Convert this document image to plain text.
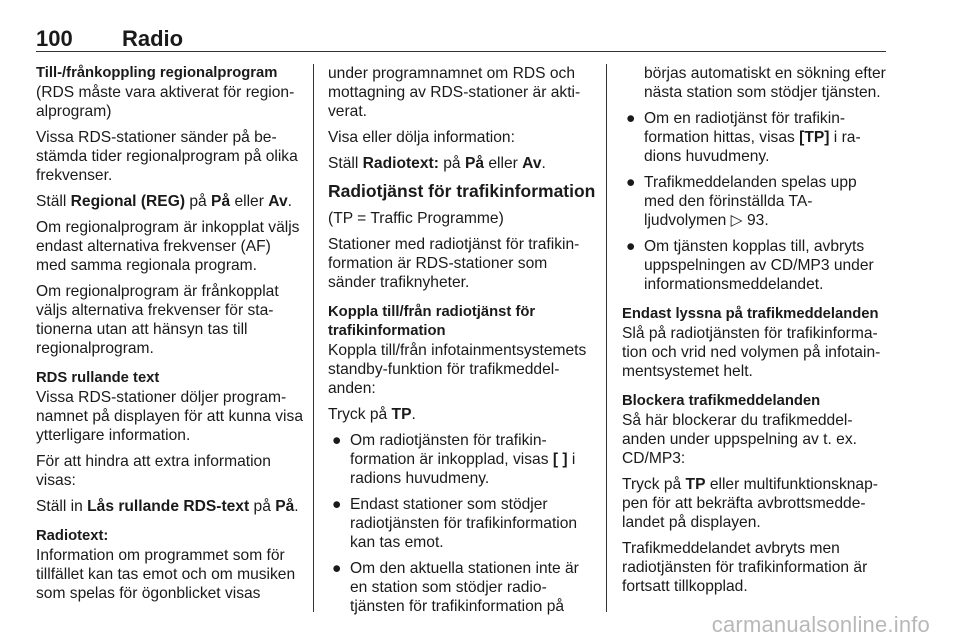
100 Radio
Till-/frånkoppling regionalprogram

(RDS måste vara aktiverat för regionalprogram)

Vissa RDS-stationer sänder på bestämda tider regionalprogram på olika frekvenser.

Ställ Regional (REG) på På eller Av.

Om regionalprogram är inkopplat väljs endast alternativa frekvenser (AF) med samma regionala program.

Om regionalprogram är frånkopplat väljs alternativa frekvenser för stationerna utan att hänsyn tas till regionalprogram.

RDS rullande text

Vissa RDS-stationer döljer programnamnet på displayen för att kunna visa ytterligare information.

För att hindra att extra information visas:

Ställ in Lås rullande RDS-text på På.

Radiotext:

Information om programmet som för tillfället kan tas emot och om musiken som spelas för ögonblicket visas

under programnamnet om RDS och mottagning av RDS-stationer är aktiverat.

Visa eller dölja information:

Ställ Radiotext: på På eller Av.

Radiotjänst för trafikinformation

(TP = Traffic Programme)

Stationer med radiotjänst för trafikinformation är RDS-stationer som sänder trafiknyheter.

Koppla till/från radiotjänst för trafikinformation

Koppla till/från infotainmentsystemets standby-funktion för trafikmeddelanden:

Tryck på TP.

● Om radiotjänsten för trafikinformation är inkopplad, visas [ ] i radions huvudmeny.
● Endast stationer som stödjer radiotjänsten för trafikinformation kan tas emot.
● Om den aktuella stationen inte är en station som stödjer radiotjänsten för trafikinformation på
börjas automatiskt en sökning efter nästa station som stödjer tjänsten.
● Om en radiotjänst för trafikinformation hittas, visas [TP] i radions huvudmeny.
● Trafikmeddelanden spelas upp med den förinställda TA-ljudvolymen ▷ 93.
● Om tjänsten kopplas till, avbryts uppspelningen av CD/MP3 under informationsmeddelandet.
Endast lyssna på trafikmeddelanden

Slå på radiotjänsten för trafikinformation och vrid ned volymen på infotainmentsystemet helt.

Blockera trafikmeddelanden

Så här blockerar du trafikmeddelanden under uppspelning av t. ex. CD/MP3:

Tryck på TP eller multifunktionsknappen för att bekräfta avbrottsmeddelandet på displayen.

Trafikmeddelandet avbryts men radiotjänsten för trafikinformation är fortsatt tillkopplad.

carmanualsonline.info
